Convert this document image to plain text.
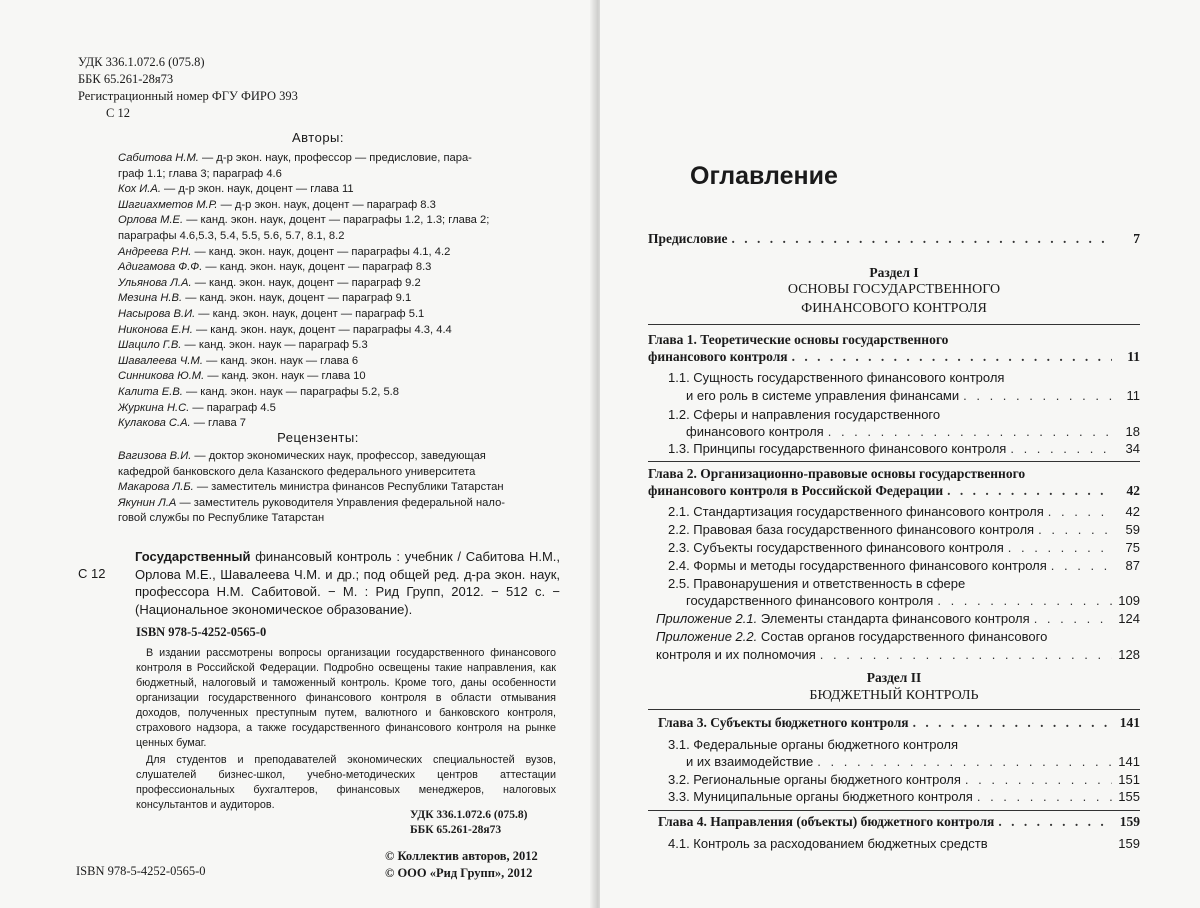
УДК 336.1.072.6 (075.8)
ББК 65.261-28я73
Регистрационный номер ФГУ ФИРО 393
С 12
Авторы:
Сабитова Н.М. — д-р экон. наук, профессор — предисловие, пара-
граф 1.1; глава 3; параграф 4.6
Кох И.А. — д-р экон. наук, доцент — глава 11
Шагиахметов М.Р. — д-р экон. наук, доцент — параграф 8.3
Орлова М.Е. — канд. экон. наук, доцент — параграфы 1.2, 1.3; глава 2;
параграфы 4.6,5.3, 5.4, 5.5, 5.6, 5.7, 8.1, 8.2
Андреева Р.Н. — канд. экон. наук, доцент — параграфы 4.1, 4.2
Адигамова Ф.Ф. — канд. экон. наук, доцент — параграф 8.3
Ульянова Л.А. — канд. экон. наук, доцент — параграф 9.2
Мезина Н.В. — канд. экон. наук, доцент — параграф 9.1
Насырова В.И. — канд. экон. наук, доцент — параграф 5.1
Никонова Е.Н. — канд. экон. наук, доцент — параграфы 4.3, 4.4
Шацило Г.В. — канд. экон. наук — параграф 5.3
Шавалеева Ч.М. — канд. экон. наук — глава 6
Синникова Ю.М. — канд. экон. наук — глава 10
Калита Е.В. — канд. экон. наук — параграфы 5.2, 5.8
Журкина Н.С. — параграф 4.5
Кулакова С.А. — глава 7
Рецензенты:
Вагизова В.И. — доктор экономических наук, профессор, заведующая
кафедрой банковского дела Казанского федерального университета
Макарова Л.Б. — заместитель министра финансов Республики Татарстан
Якунин Л.А — заместитель руководителя Управления федеральной нало-
говой службы по Республике Татарстан
С 12
Государственный финансовый контроль : учебник / Сабитова Н.М., Орлова М.Е., Шавалеева Ч.М. и др.; под общей ред. д-ра экон. наук, профессора Н.М. Сабитовой. − М. : Рид Групп, 2012. − 512 с. − (Национальное экономическое образование).
ISBN 978-5-4252-0565-0

В издании рассмотрены вопросы организации государственного финансового контроля в Российской Федерации. Подробно освещены такие направления, как бюджетный, налоговый и таможенный контроль. Кроме того, даны особенности организации государственного финансового контроля в области отмывания доходов, полученных преступным путем, валютного и банковского контроля, страхового надзора, а также государственного финансового контроля на рынке ценных бумаг.

Для студентов и преподавателей экономических специальностей вузов, слушателей бизнес-школ, учебно-методических центров аттестации профессиональных бухгалтеров, финансовых менеджеров, налоговых консультантов и аудиторов.

УДК 336.1.072.6 (075.8)
ББК 65.261-28я73
ISBN 978-5-4252-0565-0
© Коллектив авторов, 2012
© ООО «Рид Групп», 2012
Оглавление
Предисловие . . .	7
Раздел I
ОСНОВЫ ГОСУДАРСТВЕННОГО
ФИНАНСОВОГО КОНТРОЛЯ
Глава 1. Теоретические основы государственного
финансового контроля . . .	11
1.1. Сущность государственного финансового контроля
и его роль в системе управления финансами . . .	11
1.2. Сферы и направления государственного
финансового контроля . . .	18
1.3. Принципы государственного финансового контроля . . .	34
Глава 2. Организационно-правовые основы государственного
финансового контроля в Российской Федерации . . .	42
2.1. Стандартизация государственного финансового контроля . . .	42
2.2. Правовая база государственного финансового контроля . . .	59
2.3. Субъекты государственного финансового контроля . . .	75
2.4. Формы и методы государственного финансового контроля . . .	87
2.5. Правонарушения и ответственность в сфере
государственного финансового контроля . . .	109
Приложение 2.1. Элементы стандарта финансового контроля . . .	124
Приложение 2.2. Состав органов государственного финансового
контроля и их полномочия . . .	128
Раздел II
БЮДЖЕТНЫЙ КОНТРОЛЬ
Глава 3. Субъекты бюджетного контроля . . .	141
3.1. Федеральные органы бюджетного контроля
и их взаимодействие . . .	141
3.2. Региональные органы бюджетного контроля . . .	151
3.3. Муниципальные органы бюджетного контроля . . .	155
Глава 4. Направления (объекты) бюджетного контроля . . .	159
4.1. Контроль за расходованием бюджетных средств	159
